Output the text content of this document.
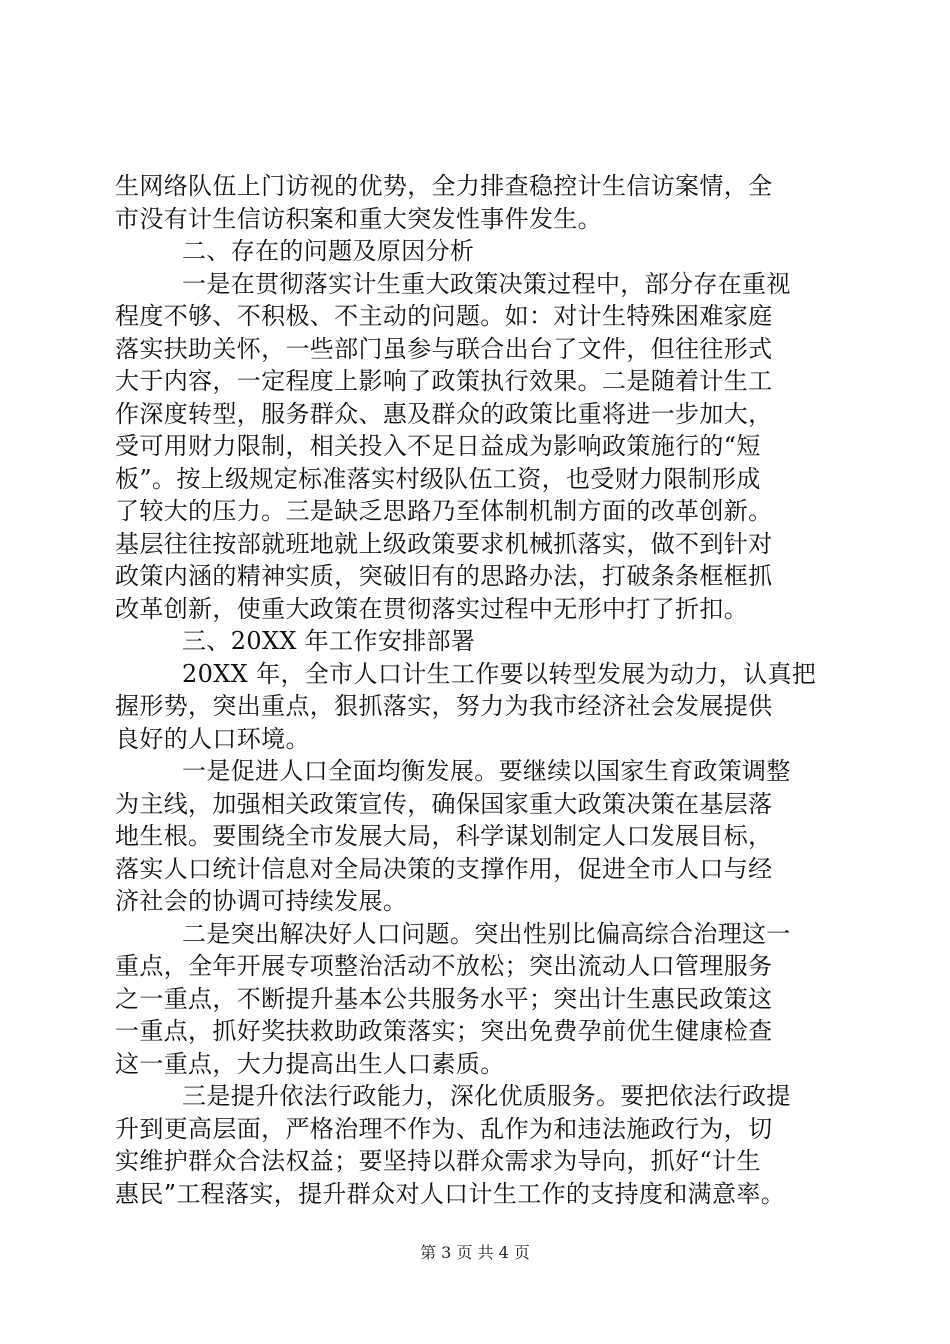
生网络队伍上门访视的优势，全力排查稳控计生信访案情，全
市没有计生信访积案和重大突发性事件发生。
二、存在的问题及原因分析
一是在贯彻落实计生重大政策决策过程中，部分存在重视
程度不够、不积极、不主动的问题。如：对计生特殊困难家庭
落实扶助关怀，一些部门虽参与联合出台了文件，但往往形式
大于内容，一定程度上影响了政策执行效果。二是随着计生工
作深度转型，服务群众、惠及群众的政策比重将进一步加大，
受可用财力限制，相关投入不足日益成为影响政策施行的“短
板”。按上级规定标准落实村级队伍工资，也受财力限制形成
了较大的压力。三是缺乏思路乃至体制机制方面的改革创新。
基层往往按部就班地就上级政策要求机械抓落实，做不到针对
政策内涵的精神实质，突破旧有的思路办法，打破条条框框抓
改革创新，使重大政策在贯彻落实过程中无形中打了折扣。
三、20XX 年工作安排部署
20XX 年，全市人口计生工作要以转型发展为动力，认真把
握形势，突出重点，狠抓落实，努力为我市经济社会发展提供
良好的人口环境。
一是促进人口全面均衡发展。要继续以国家生育政策调整
为主线，加强相关政策宣传，确保国家重大政策决策在基层落
地生根。要围绕全市发展大局，科学谋划制定人口发展目标，
落实人口统计信息对全局决策的支撑作用，促进全市人口与经
济社会的协调可持续发展。
二是突出解决好人口问题。突出性别比偏高综合治理这一
重点，全年开展专项整治活动不放松；突出流动人口管理服务
之一重点，不断提升基本公共服务水平；突出计生惠民政策这
一重点，抓好奖扶救助政策落实；突出免费孕前优生健康检查
这一重点，大力提高出生人口素质。
三是提升依法行政能力，深化优质服务。要把依法行政提
升到更高层面，严格治理不作为、乱作为和违法施政行为，切
实维护群众合法权益；要坚持以群众需求为导向，抓好“计生
惠民”工程落实，提升群众对人口计生工作的支持度和满意率。
第 3 页 共 4 页
